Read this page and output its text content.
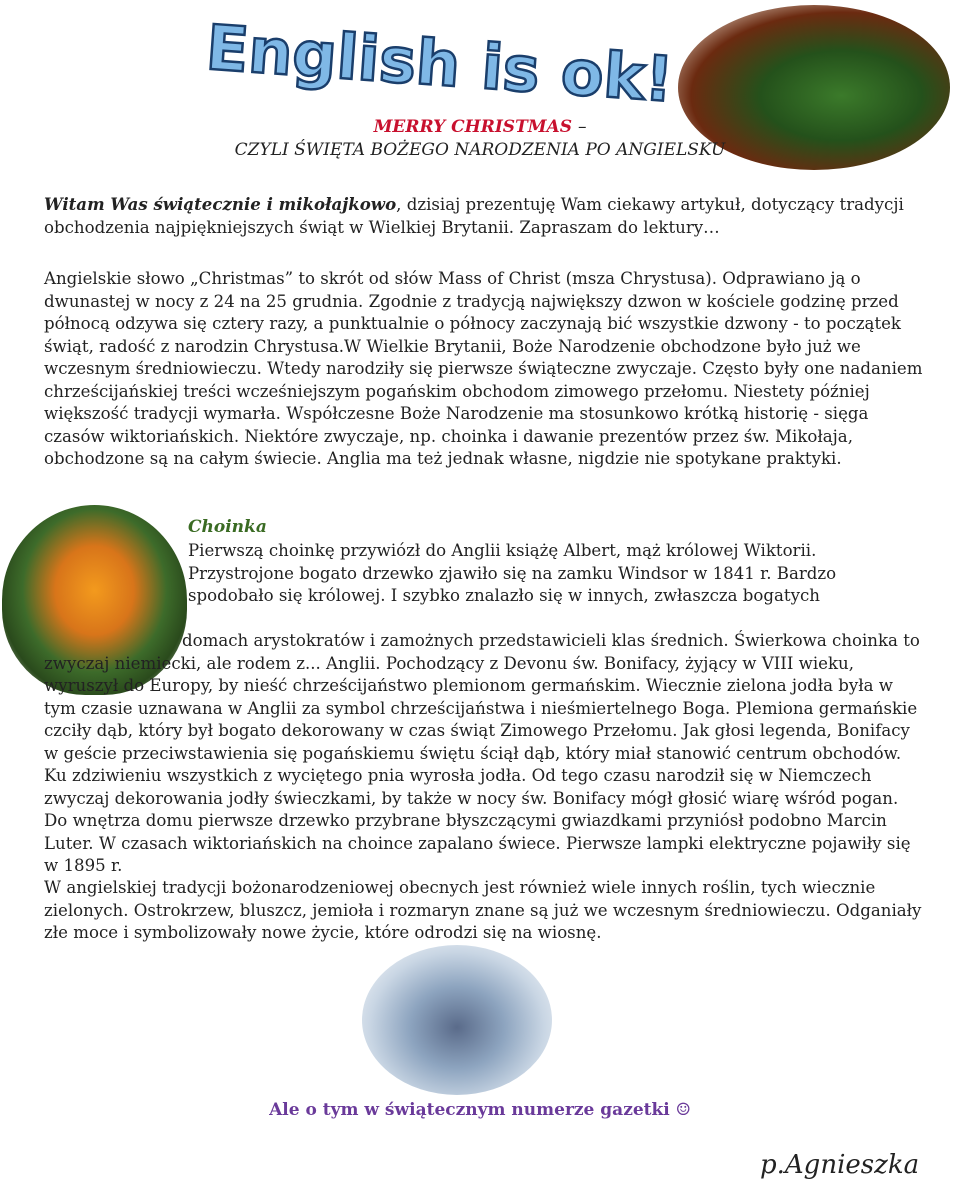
English is ok!
MERRY CHRISTMAS –
CZYLI ŚWIĘTA BOŻEGO NARODZENIA PO ANGIELSKU
Witam Was świątecznie i mikołajkowo, dzisiaj prezentuję Wam ciekawy artykuł, dotyczący tradycji obchodzenia najpiękniejszych świąt w Wielkiej Brytanii. Zapraszam do lektury…
Angielskie słowo „Christmas” to skrót od słów Mass of Christ (msza Chrystusa). Odprawiano ją o dwunastej w nocy z 24 na 25 grudnia. Zgodnie z tradycją największy dzwon w kościele godzinę przed północą odzywa się cztery razy, a punktualnie o północy zaczynają bić wszystkie dzwony - to początek świąt, radość z narodzin Chrystusa.W Wielkie Brytanii, Boże Narodzenie obchodzone było już we wczesnym średniowieczu. Wtedy narodziły się pierwsze świąteczne zwyczaje. Często były one nadaniem chrześcijańskiej treści wcześniejszym pogańskim obchodom zimowego przełomu. Niestety później większość tradycji wymarła. Współczesne Boże Narodzenie ma stosunkowo krótką historię - sięga czasów wiktoriańskich. Niektóre zwyczaje, np. choinka i dawanie prezentów przez św. Mikołaja, obchodzone są na całym świecie. Anglia ma też jednak własne, nigdzie nie spotykane praktyki.
Choinka
Pierwszą choinkę przywiózł do Anglii książę Albert, mąż królowej Wiktorii. Przystrojone bogato drzewko zjawiło się na zamku Windsor w 1841 r. Bardzo spodobało się królowej. I szybko znalazło się w innych, zwłaszcza bogatych
domach arystokratów i zamożnych przedstawicieli klas średnich. Świerkowa choinka to zwyczaj niemiecki, ale rodem z... Anglii. Pochodzący z Devonu św. Bonifacy, żyjący w VIII wieku, wyruszył do Europy, by nieść chrześcijaństwo plemionom germańskim. Wiecznie zielona jodła była w tym czasie uznawana w Anglii za symbol chrześcijaństwa i nieśmiertelnego Boga. Plemiona germańskie czciły dąb, który był bogato dekorowany w czas świąt Zimowego Przełomu. Jak głosi legenda, Bonifacy w geście przeciwstawienia się pogańskiemu świętu ściął dąb, który miał stanowić centrum obchodów. Ku zdziwieniu wszystkich z wyciętego pnia wyrosła jodła. Od tego czasu narodził się w Niemczech zwyczaj dekorowania jodły świeczkami, by także w nocy św. Bonifacy mógł głosić wiarę wśród pogan. Do wnętrza domu pierwsze drzewko przybrane błyszczącymi gwiazdkami przyniósł podobno Marcin Luter. W czasach wiktoriańskich na choince zapalano świece. Pierwsze lampki elektryczne pojawiły się w 1895 r.
W angielskiej tradycji bożonarodzeniowej obecnych jest również wiele innych roślin, tych wiecznie zielonych. Ostrokrzew, bluszcz, jemioła i rozmaryn znane są już we wczesnym średniowieczu. Odganiały złe moce i symbolizowały nowe życie, które odrodzi się na wiosnę.
Ale o tym w świątecznym numerze gazetki ☺
p.Agnieszka
